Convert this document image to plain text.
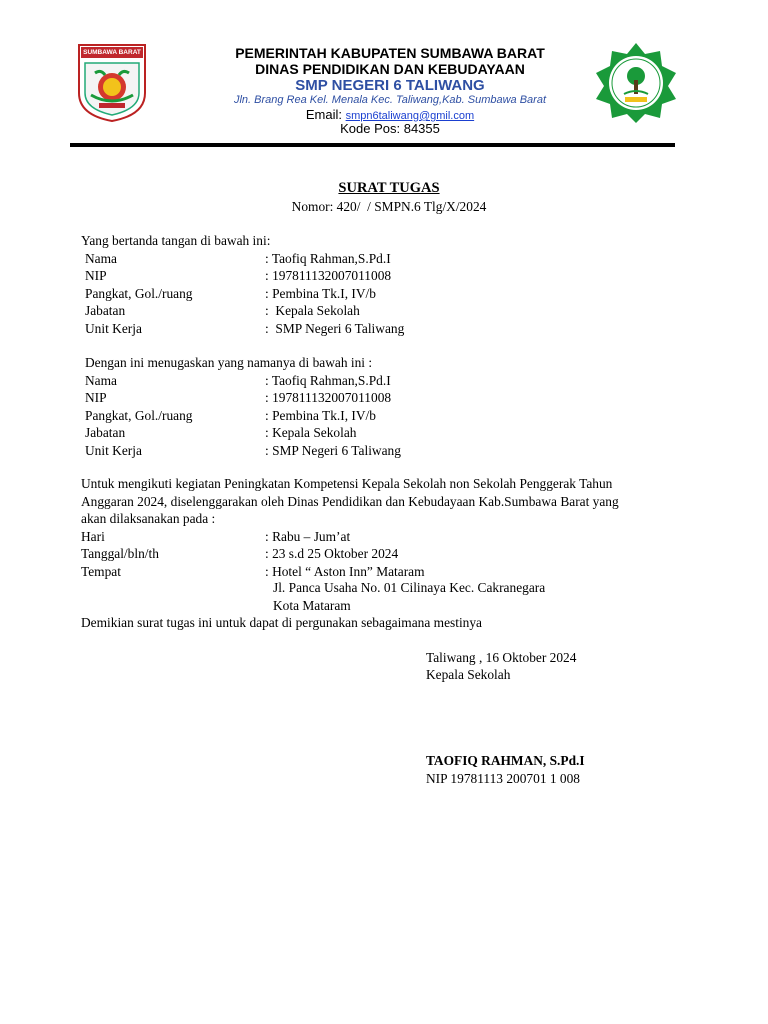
SUMBAWA BARAT	PEMERINTAH KABUPATEN SUMBAWA BARAT
DINAS PENDIDIKAN DAN KEBUDAYAAN
SMP NEGERI 6 TALIWANG
Jln. Brang Rea Kel. Menala Kec. Taliwang,Kab. Sumbawa Barat
Email: smpn6taliwang@gmil.com
Kode Pos: 84355
SURAT TUGAS
Nomor: 420/  / SMPN.6 Tlg/X/2024
Yang bertanda tangan di bawah ini:
Nama	: Taofiq Rahman,S.Pd.I
NIP	: 197811132007011008
Pangkat, Gol./ruang	: Pembina Tk.I, IV/b
Jabatan	:  Kepala Sekolah
Unit Kerja	:  SMP Negeri 6 Taliwang
Dengan ini menugaskan yang namanya di bawah ini :
Nama	: Taofiq Rahman,S.Pd.I
NIP	: 197811132007011008
Pangkat, Gol./ruang	: Pembina Tk.I, IV/b
Jabatan	: Kepala Sekolah
Unit Kerja	: SMP Negeri 6 Taliwang
Untuk mengikuti kegiatan Peningkatan Kompetensi Kepala Sekolah non Sekolah Penggerak Tahun
Anggaran 2024, diselenggarakan oleh Dinas Pendidikan dan Kebudayaan Kab.Sumbawa Barat yang
akan dilaksanakan pada :
Hari	: Rabu – Jum’at
Tanggal/bln/th	: 23 s.d 25 Oktober 2024
Tempat	: Hotel “ Aston Inn” Mataram
Jl. Panca Usaha No. 01 Cilinaya Kec. Cakranegara
Kota Mataram
Demikian surat tugas ini untuk dapat di pergunakan sebagaimana mestinya
Taliwang , 16 Oktober 2024
Kepala Sekolah
TAOFIQ RAHMAN, S.Pd.I
NIP 19781113 200701 1 008
